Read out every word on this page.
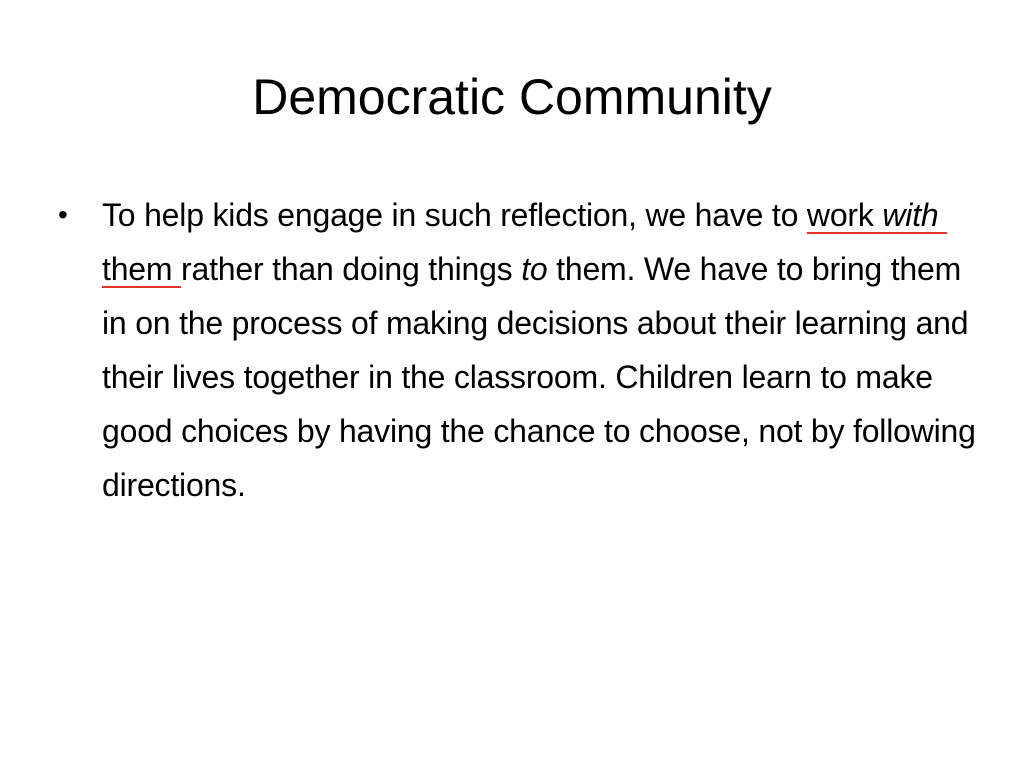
Democratic Community
•	To help kids engage in such reflection, we have to work with them rather than doing things to them. We have to bring them in on the process of making decisions about their learning and their lives together in the classroom. Children learn to make good choices by having the chance to choose, not by following directions.
